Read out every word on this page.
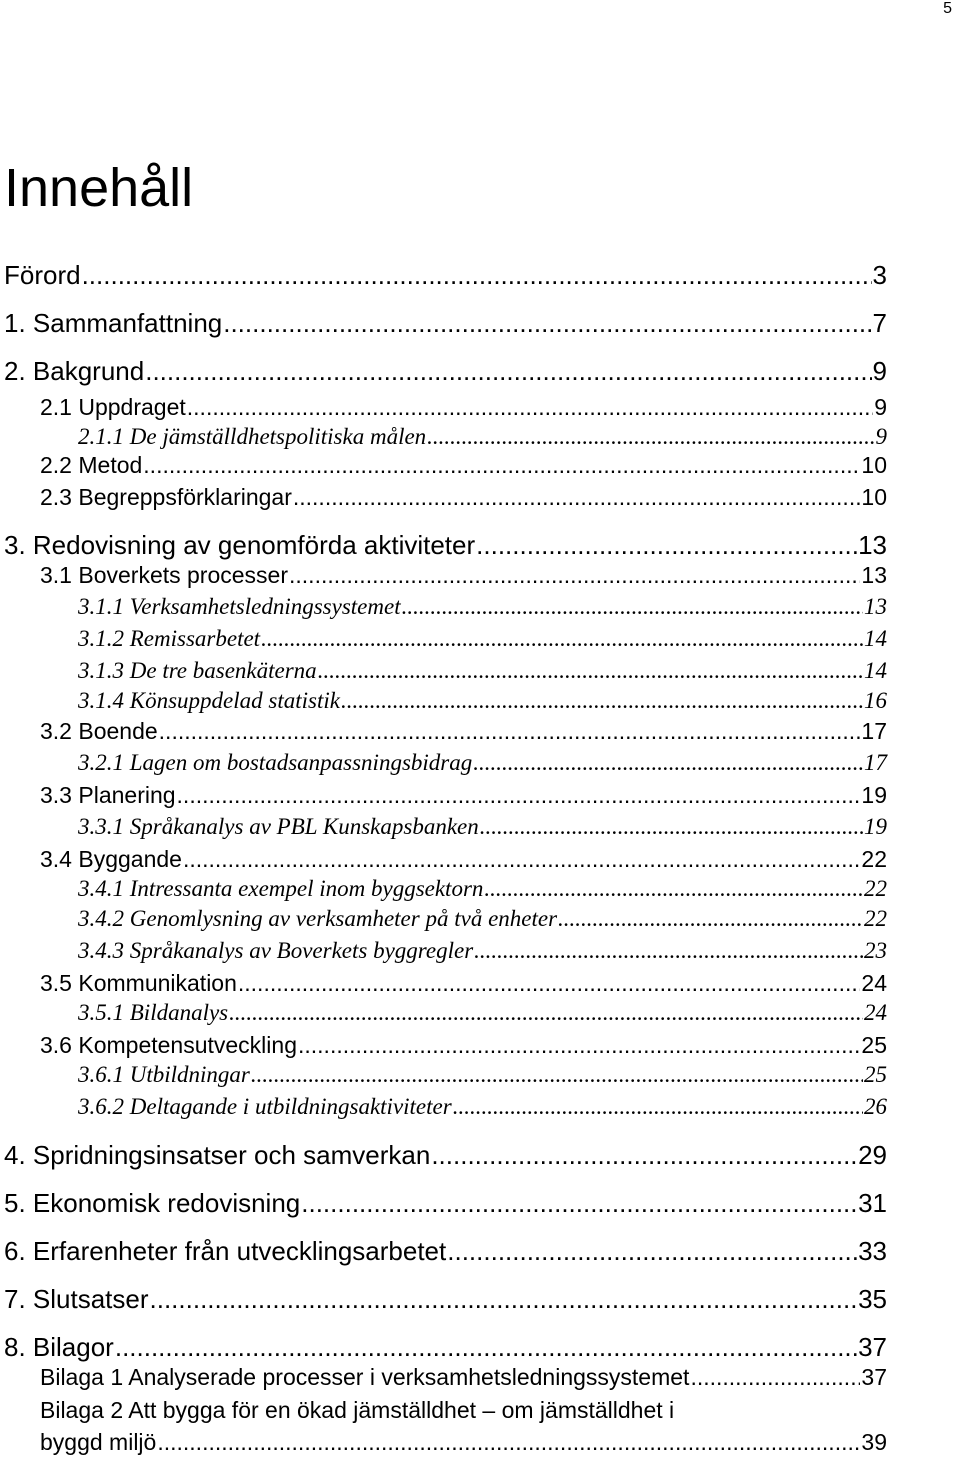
5
Innehåll
Förord .....	3
1. Sammanfattning .....	7
2. Bakgrund .....	9
2.1 Uppdraget .....	9
2.1.1 De jämställdhetspolitiska målen .....	9
2.2 Metod .....	10
2.3 Begreppsförklaringar .....	10
3. Redovisning av genomförda aktiviteter .....	13
3.1 Boverkets processer .....	13
3.1.1 Verksamhetsledningssystemet .....	13
3.1.2 Remissarbetet .....	14
3.1.3 De tre basenkäterna .....	14
3.1.4 Könsuppdelad statistik .....	16
3.2 Boende .....	17
3.2.1 Lagen om bostadsanpassningsbidrag .....	17
3.3 Planering .....	19
3.3.1 Språkanalys av PBL Kunskapsbanken .....	19
3.4 Byggande .....	22
3.4.1 Intressanta exempel inom byggsektorn .....	22
3.4.2 Genomlysning av verksamheter på två enheter .....	22
3.4.3 Språkanalys av Boverkets byggregler .....	23
3.5 Kommunikation .....	24
3.5.1 Bildanalys .....	24
3.6 Kompetensutveckling .....	25
3.6.1 Utbildningar .....	25
3.6.2 Deltagande i utbildningsaktiviteter .....	26
4. Spridningsinsatser och samverkan .....	29
5. Ekonomisk redovisning .....	31
6. Erfarenheter från utvecklingsarbetet .....	33
7. Slutsatser .....	35
8. Bilagor .....	37
Bilaga 1 Analyserade processer i verksamhetsledningssystemet .....	37
Bilaga 2 Att bygga för en ökad jämställdhet – om jämställdhet i
byggd miljö .....	39
